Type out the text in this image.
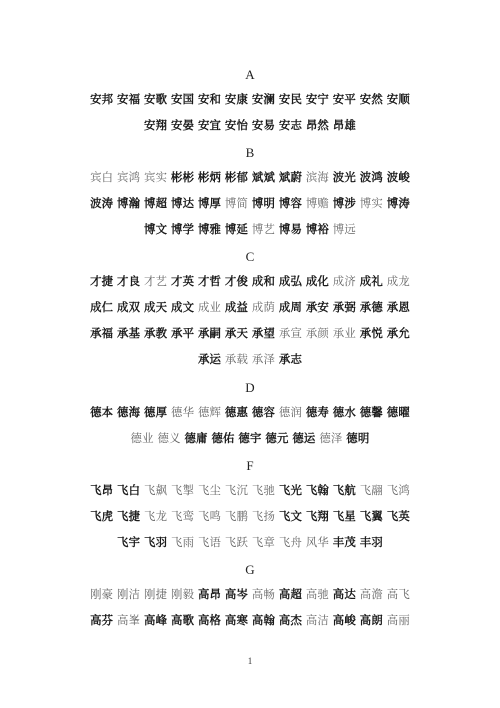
A
安邦 安福 安歌 安国 安和 安康 安澜 安民 安宁 安平 安然 安顺
安翔 安晏 安宜 安怡 安易 安志 昂然 昂雄
B
宾白 宾鸿 宾实 彬彬 彬炳 彬郁 斌斌 斌蔚 滨海 波光 波鸿 波峻
波涛 博瀚 博超 博达 博厚 博简 博明 博容 博赡 博涉 博实 博涛
博文 博学 博雅 博延 博艺 博易 博裕 博远
C
才捷 才良 才艺 才英 才哲 才俊 成和 成弘 成化 成济 成礼 成龙
成仁 成双 成天 成文 成业 成益 成荫 成周 承安 承弼 承德 承恩
承福 承基 承教 承平 承嗣 承天 承望 承宣 承颜 承业 承悦 承允
承运 承载 承泽 承志
D
德本 德海 德厚 德华 德辉 德惠 德容 德润 德寿 德水 德馨 德曜
德业 德义 德庸 德佑 德宇 德元 德运 德泽 德明
F
飞昂 飞白 飞飙 飞掣 飞尘 飞沉 飞驰 飞光 飞翰 飞航 飞翮 飞鸿
飞虎 飞捷 飞龙 飞鸾 飞鸣 飞鹏 飞扬 飞文 飞翔 飞星 飞翼 飞英
飞宇 飞羽 飞雨 飞语 飞跃 飞章 飞舟 风华 丰茂 丰羽
G
刚豪 刚洁 刚捷 刚毅 高昂 高岑 高畅 高超 高驰 高达 高澹 高飞
高芬 高峯 高峰 高歌 高格 高寒 高翰 高杰 高洁 高峻 高朗 高丽
1
